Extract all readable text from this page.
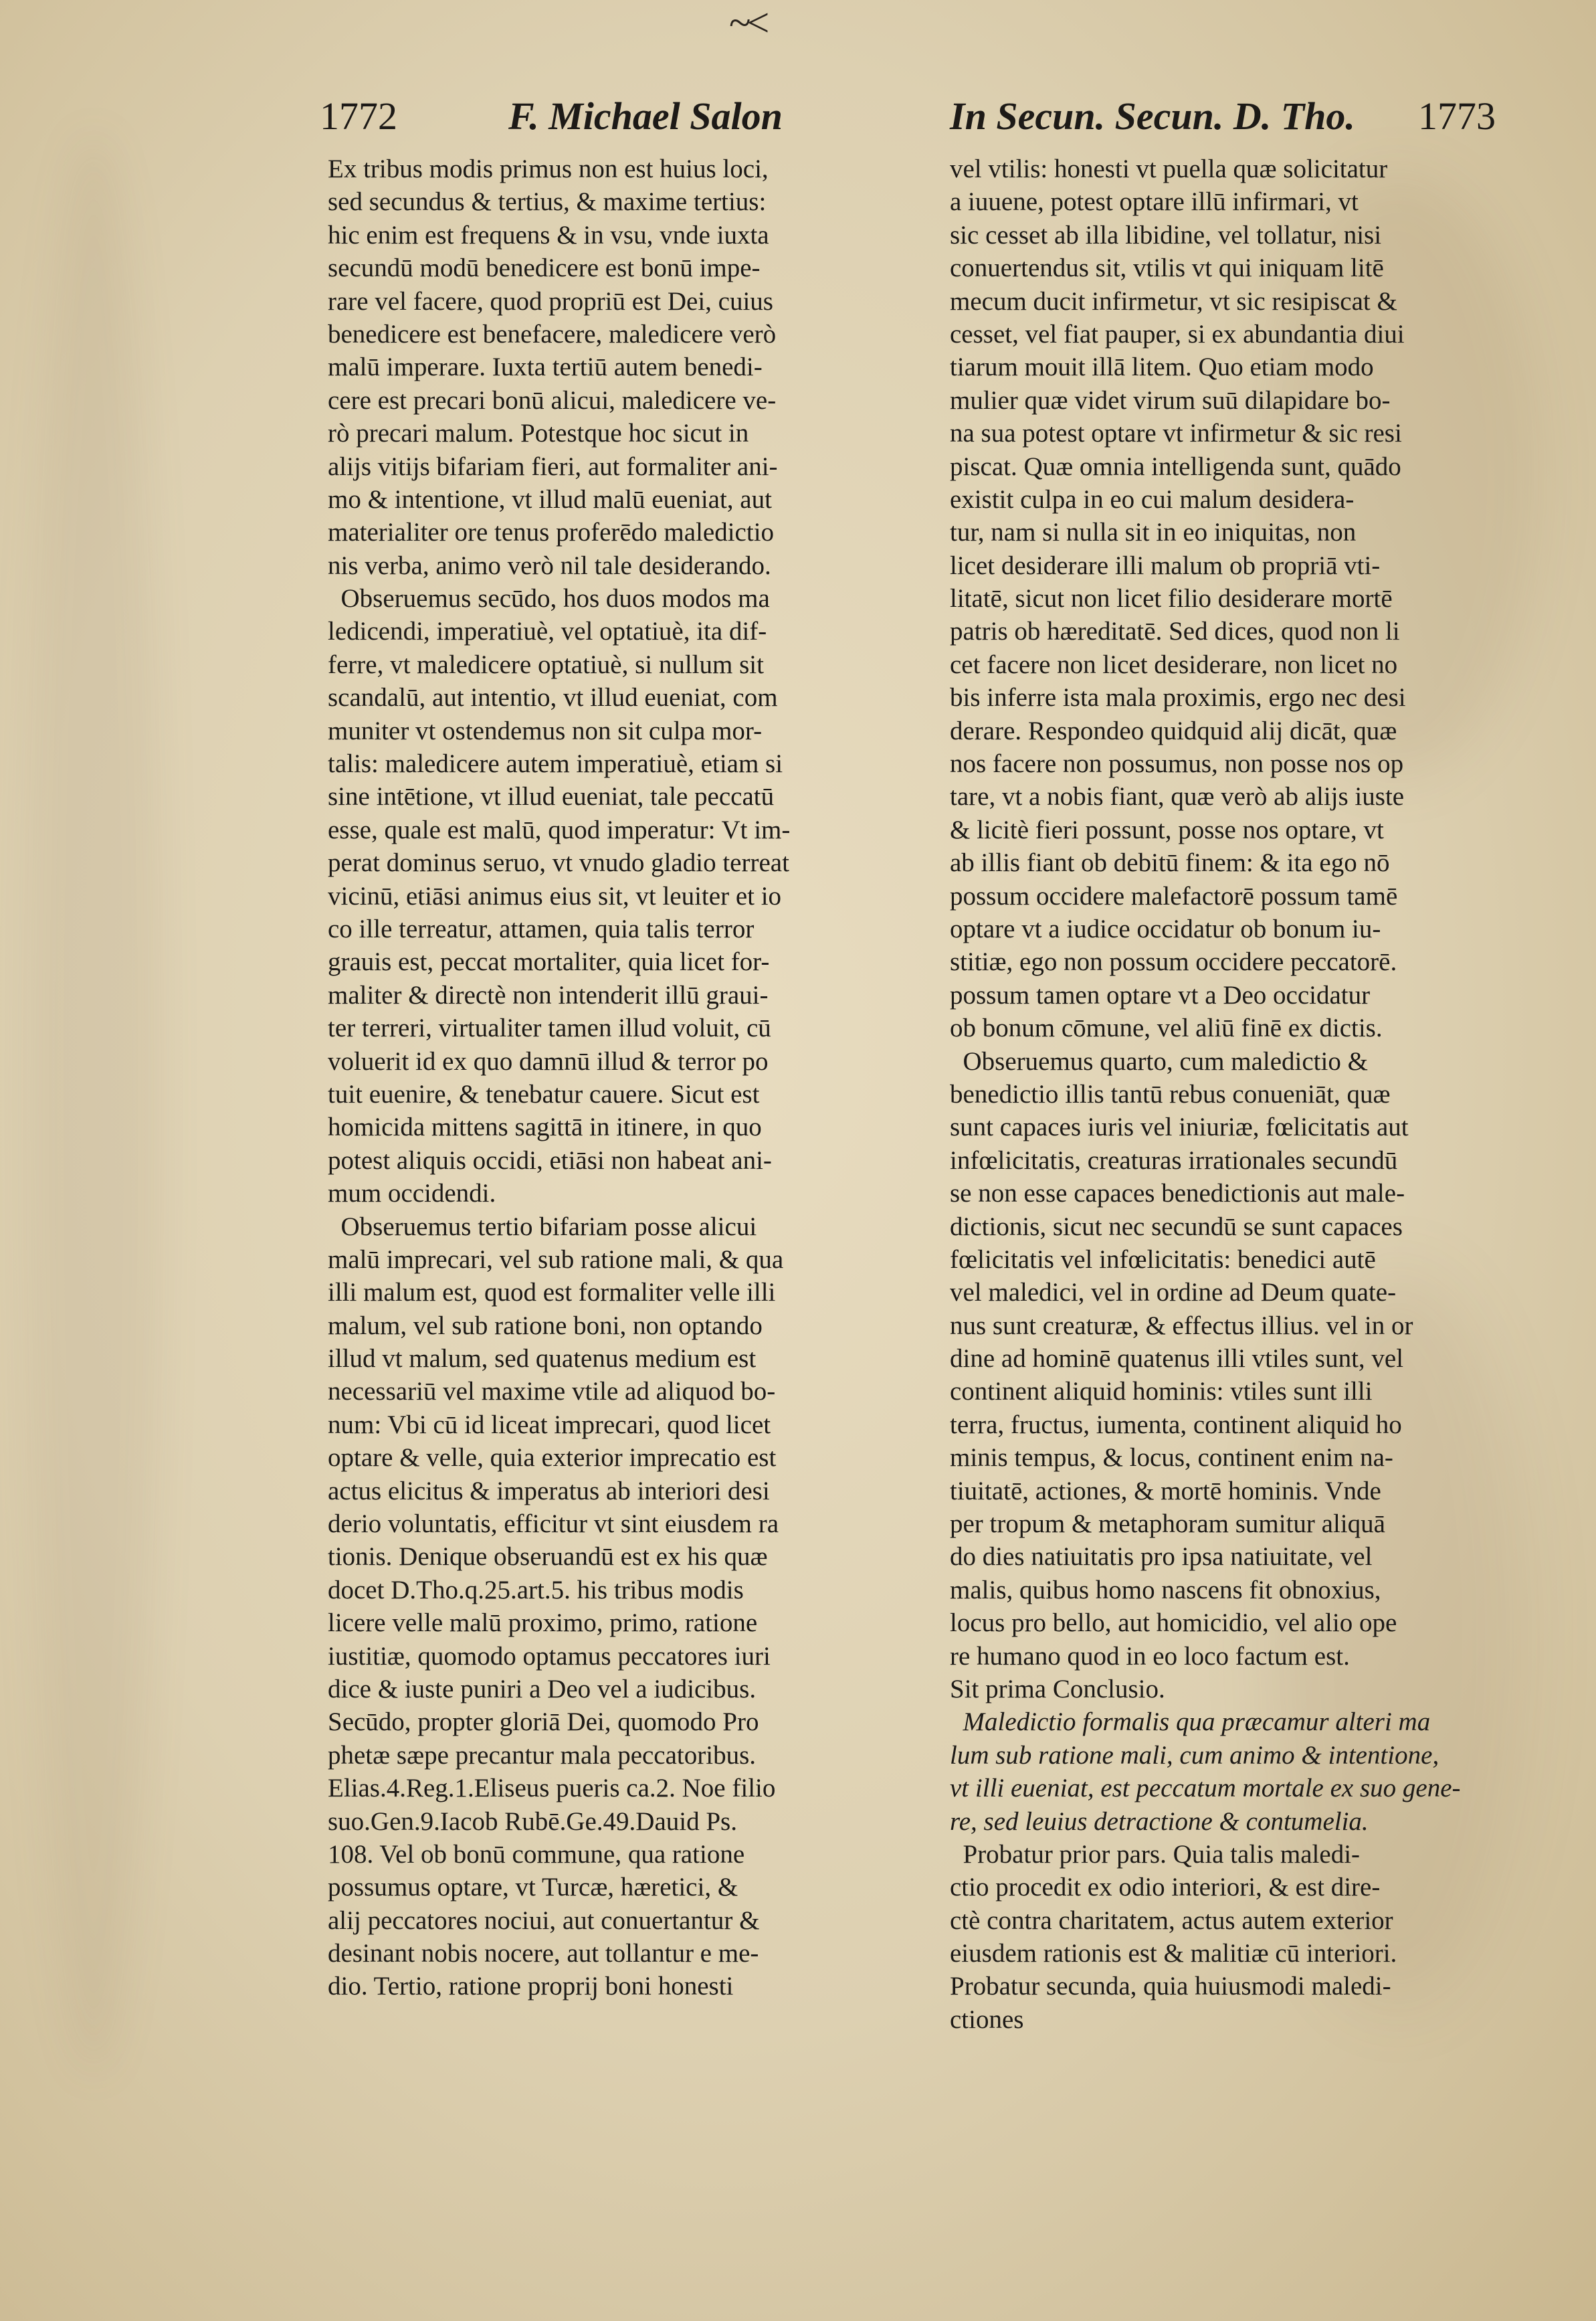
~<
1772	F. Michael Salon	In Secun. Secun. D. Tho. 1773
Ex tribus modis primus non est huius loci,
sed secundus & tertius, & maxime tertius:
hic enim est frequens & in vsu, vnde iuxta
secundū modū benedicere est bonū impe-
rare vel facere, quod propriū est Dei, cuius
benedicere est benefacere, maledicere verò
malū imperare. Iuxta tertiū autem benedi-
cere est precari bonū alicui, maledicere ve-
rò precari malum. Potestque hoc sicut in
alijs vitijs bifariam fieri, aut formaliter ani-
mo & intentione, vt illud malū eueniat, aut
materialiter ore tenus proferēdo maledictio
nis verba, animo verò nil tale desiderando.
Obseruemus secūdo, hos duos modos ma
ledicendi, imperatiuè, vel optatiuè, ita dif-
ferre, vt maledicere optatiuè, si nullum sit
scandalū, aut intentio, vt illud eueniat, com
muniter vt ostendemus non sit culpa mor-
talis: maledicere autem imperatiuè, etiam si
sine intētione, vt illud eueniat, tale peccatū
esse, quale est malū, quod imperatur: Vt im-
perat dominus seruo, vt vnudo gladio terreat
vicinū, etiāsi animus eius sit, vt leuiter et io
co ille terreatur, attamen, quia talis terror
grauis est, peccat mortaliter, quia licet for-
maliter & directè non intenderit illū graui-
ter terreri, virtualiter tamen illud voluit, cū
voluerit id ex quo damnū illud & terror po
tuit euenire, & tenebatur cauere. Sicut est
homicida mittens sagittā in itinere, in quo
potest aliquis occidi, etiāsi non habeat ani-
mum occidendi.
Obseruemus tertio bifariam posse alicui
malū imprecari, vel sub ratione mali, & qua
illi malum est, quod est formaliter velle illi
malum, vel sub ratione boni, non optando
illud vt malum, sed quatenus medium est
necessariū vel maxime vtile ad aliquod bo-
num: Vbi cū id liceat imprecari, quod licet
optare & velle, quia exterior imprecatio est
actus elicitus & imperatus ab interiori desi
derio voluntatis, efficitur vt sint eiusdem ra
tionis. Denique obseruandū est ex his quæ
docet D.Tho.q.25.art.5. his tribus modis
licere velle malū proximo, primo, ratione
iustitiæ, quomodo optamus peccatores iuri
dice & iuste puniri a Deo vel a iudicibus.
Secūdo, propter gloriā Dei, quomodo Pro
phetæ sæpe precantur mala peccatoribus.
Elias.4.Reg.1.Eliseus pueris ca.2. Noe filio
suo.Gen.9.Iacob Rubē.Ge.49.Dauid Ps.
108. Vel ob bonū commune, qua ratione
possumus optare, vt Turcæ, hæretici, &
alij peccatores nociui, aut conuertantur &
desinant nobis nocere, aut tollantur e me-
dio. Tertio, ratione proprij boni honesti
vel vtilis: honesti vt puella quæ solicitatur
a iuuene, potest optare illū infirmari, vt
sic cesset ab illa libidine, vel tollatur, nisi
conuertendus sit, vtilis vt qui iniquam litē
mecum ducit infirmetur, vt sic resipiscat &
cesset, vel fiat pauper, si ex abundantia diui
tiarum mouit illā litem. Quo etiam modo
mulier quæ videt virum suū dilapidare bo-
na sua potest optare vt infirmetur & sic resi
piscat. Quæ omnia intelligenda sunt, quādo
existit culpa in eo cui malum desidera-
tur, nam si nulla sit in eo iniquitas, non
licet desiderare illi malum ob propriā vti-
litatē, sicut non licet filio desiderare mortē
patris ob hæreditatē. Sed dices, quod non li
cet facere non licet desiderare, non licet no
bis inferre ista mala proximis, ergo nec desi
derare. Respondeo quidquid alij dicāt, quæ
nos facere non possumus, non posse nos op
tare, vt a nobis fiant, quæ verò ab alijs iuste
& licitè fieri possunt, posse nos optare, vt
ab illis fiant ob debitū finem: & ita ego nō
possum occidere malefactorē possum tamē
optare vt a iudice occidatur ob bonum iu-
stitiæ, ego non possum occidere peccatorē.
possum tamen optare vt a Deo occidatur
ob bonum cōmune, vel aliū finē ex dictis.
Obseruemus quarto, cum maledictio &
benedictio illis tantū rebus conueniāt, quæ
sunt capaces iuris vel iniuriæ, fœlicitatis aut
infœlicitatis, creaturas irrationales secundū
se non esse capaces benedictionis aut male-
dictionis, sicut nec secundū se sunt capaces
fœlicitatis vel infœlicitatis: benedici autē
vel maledici, vel in ordine ad Deum quate-
nus sunt creaturæ, & effectus illius. vel in or
dine ad hominē quatenus illi vtiles sunt, vel
continent aliquid hominis: vtiles sunt illi
terra, fructus, iumenta, continent aliquid ho
minis tempus, & locus, continent enim na-
tiuitatē, actiones, & mortē hominis. Vnde
per tropum & metaphoram sumitur aliquā
do dies natiuitatis pro ipsa natiuitate, vel
malis, quibus homo nascens fit obnoxius,
locus pro bello, aut homicidio, vel alio ope
re humano quod in eo loco factum est.
Sit prima Conclusio.
Maledictio formalis qua præcamur alteri ma
lum sub ratione mali, cum animo & intentione,
vt illi eueniat, est peccatum mortale ex suo gene-
re, sed leuius detractione & contumelia.
Probatur prior pars. Quia talis maledi-
ctio procedit ex odio interiori, & est dire-
ctè contra charitatem, actus autem exterior
eiusdem rationis est & malitiæ cū interiori.
Probatur secunda, quia huiusmodi maledi-
ctiones
